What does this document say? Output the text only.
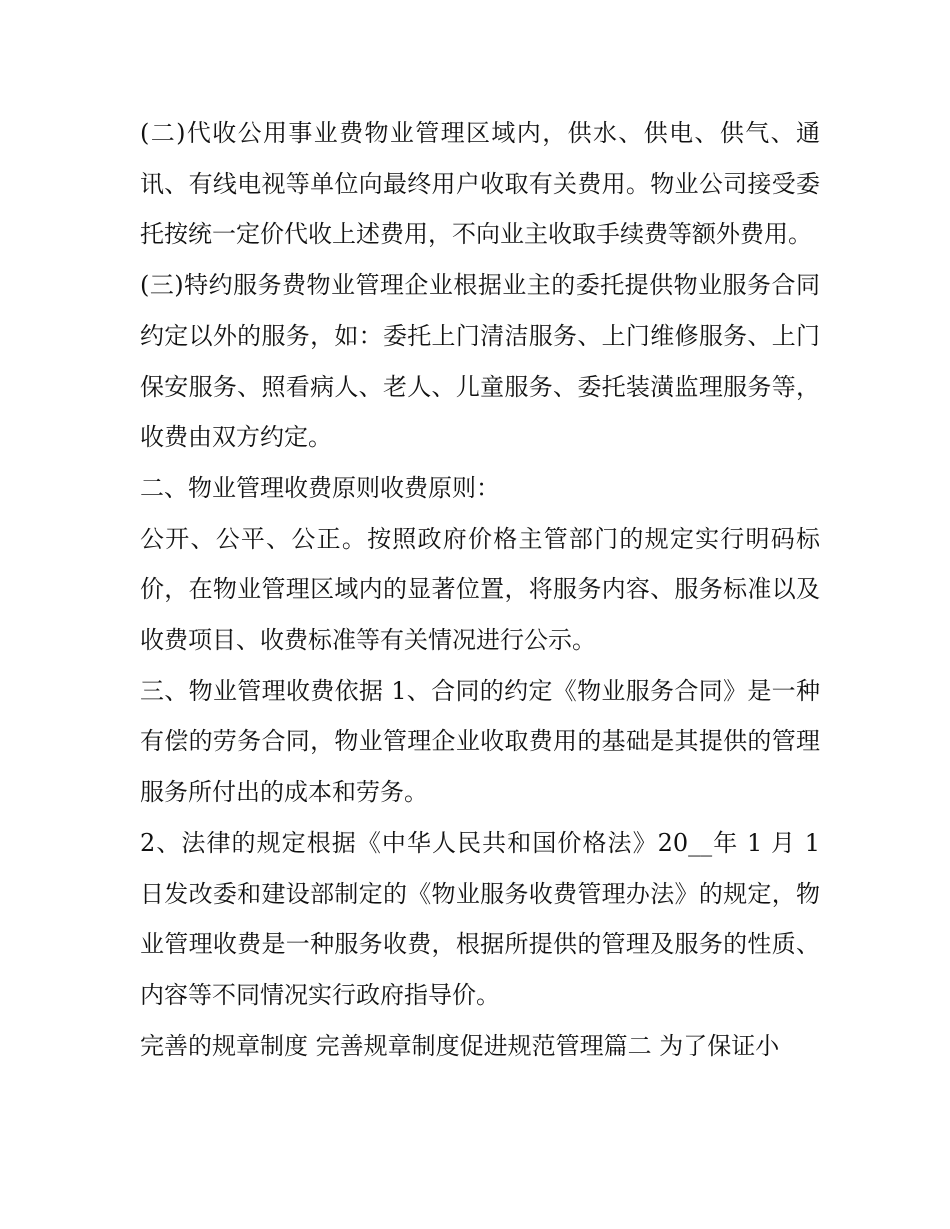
(二)代收公用事业费物业管理区域内，供水、供电、供气、通讯、有线电视等单位向最终用户收取有关费用。物业公司接受委托按统一定价代收上述费用，不向业主收取手续费等额外费用。

(三)特约服务费物业管理企业根据业主的委托提供物业服务合同约定以外的服务，如：委托上门清洁服务、上门维修服务、上门保安服务、照看病人、老人、儿童服务、委托装潢监理服务等，收费由双方约定。

二、物业管理收费原则收费原则：

公开、公平、公正。按照政府价格主管部门的规定实行明码标价，在物业管理区域内的显著位置，将服务内容、服务标准以及收费项目、收费标准等有关情况进行公示。

三、物业管理收费依据 1、合同的约定《物业服务合同》是一种有偿的劳务合同，物业管理企业收取费用的基础是其提供的管理服务所付出的成本和劳务。

2、法律的规定根据《中华人民共和国价格法》20__年 1 月 1 日发改委和建设部制定的《物业服务收费管理办法》的规定，物业管理收费是一种服务收费，根据所提供的管理及服务的性质、内容等不同情况实行政府指导价。

完善的规章制度 完善规章制度促进规范管理篇二 为了保证小
